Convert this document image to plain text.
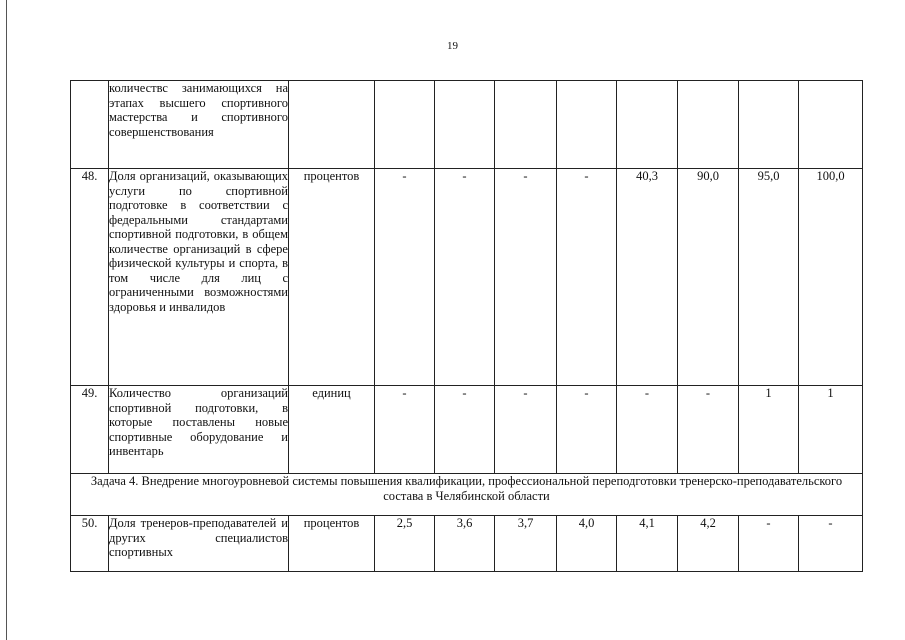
19
	количествс занимающихся на этапах высшего спортивного мастерства и спортивного совершенствования									
48.	Доля организаций, оказывающих услуги по спортивной подготовке в соответствии с федеральными стандартами спортивной подготовки, в общем количестве организаций в сфере физической культуры и спорта, в том числе для лиц с ограниченными возможностями здоровья и инвалидов	процентов	-	-	-	-	40,3	90,0	95,0	100,0
49.	Количество организаций спортивной подготовки, в которые поставлены новые спортивные оборудование и инвентарь	единиц	-	-	-	-	-	-	1	1
Задача 4. Внедрение многоуровневой системы повышения квалификации, профессиональной переподготовки тренерско-преподавательского состава в Челябинской области										
50.	Доля тренеров-преподавателей и других специалистов спортивных	процентов	2,5	3,6	3,7	4,0	4,1	4,2	-	-
